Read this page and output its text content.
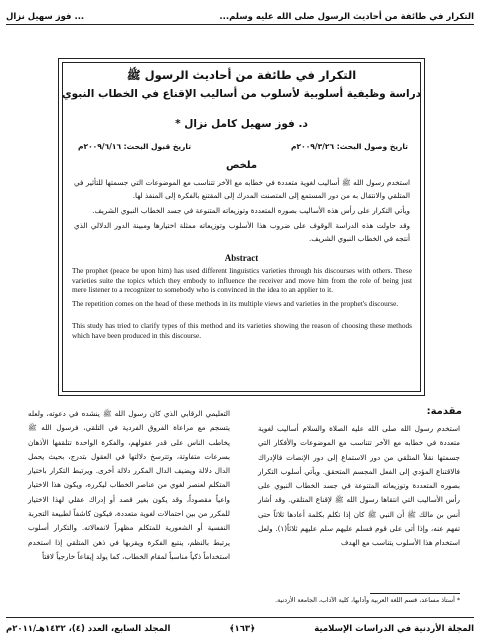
... فوز سهيل نزال	التكرار في طائفة من أحاديث الرسول صلى الله عليه وسلم...
التكرار في طائفة من أحاديث الرسول ﷺ
دراسة وظيفية أسلوبية لأسلوب من أساليب الإقناع في الخطاب النبوي
د. فوز سهيل كامل نزال *
تاريخ وصول البحث: ٢٠٠٩/٣/٢٦م
تاريخ قبول البحث: ٢٠٠٩/٦/١٦م
ملخص
استخدم رسول الله ﷺ أساليب لغوية متعددة في خطابه مع الآخر تتناسب مع الموضوعات التي جسمتها للتأثير في المتلقي والانتقال به من دور المستمع إلى المتصنت المدرك إلى المقتنع بالفكرة إلى المنفذ لها.
ويأتي التكرار على رأس هذه الأساليب بصوره المتعددة وتوزيعاته المتنوعة في جسد الخطاب النبوي الشريف.
وقد حاولت هذه الدراسة الوقوف على ضروب هذا الأسلوب وتوزيعاته ممثلة اختيارها ومبينة الدور الدلالي الذي أنتجه في الخطاب النبوي الشريف.
Abstract
The prophet (peace be upon him) has used different linguistics varieties through his discourses with others. These varieties suite the topics which they embody to influence the receiver and move him from the role of being just mere listener to a recognizer to somebody who is convinced in the idea to an applier to it.
The repetition comes on the head of these methods in its multiple views and varieties in the prophet's discourse.
This study has tried to clarify types of this method and its varieties showing the reason of choosing these methods which have been produced in this discourse.
مقدمة:
استخدم رسول الله صلى الله عليه الصلاة والسلام أساليب لغوية متعددة في خطابه مع الآخر تتناسب مع الموضوعات والأفكار التي جسمتها نقلاً المتلقي من دور الاستماع إلى دور الإنصات فالإدراك فالاقتناع المؤدي إلى الفعل المجسم المتحقق. ويأتي أسلوب التكرار بصوره المتعددة وتوزيعاته المتنوعة في جسد الخطاب النبوي على رأس الأساليب التي انتقاها رسول الله ﷺ لإقناع المتلقي. وقد أشار أنس بن مالك ﷺ أن النبي ﷺ كان إذا تكلم بكلمة أعادها ثلاثاً حتى تفهم عنه، وإذا أتى على قوم فسلم عليهم سلم عليهم ثلاثاً(١). ولعل استخدام هذا الأسلوب يتناسب مع الهدف
التعليمي الرقابي الذي كان رسول الله ﷺ ينشده في دعوته، ولعله يتسجم مع مراعاة الفروق الفردية في التلقي، فرسول الله ﷺ يخاطب الناس على قدر عقولهم، والفكرة الواحدة تتلقفها الأذهان بسرعات متفاوتة، وتترسخ دلالتها في العقول بتدرج، بحيث يحمل الدال دلالة ويضيف الدال المكرر دلالة أخرى. ويرتبط التكرار باختيار المتكلم لعنصر لغوي من عناصر الخطاب ليكرره، ويكون هذا الاختيار واعياً مقصوداً، وقد يكون بغير قصد أو إدراك عقلي لهذا الاختيار للمكرر من بين احتمالات لغوية متعددة، فيكون كاشفاً لطبيعة التجربة النفسية أو الشعورية للمتكلم مظهراً لانفعالاته. والتكرار أسلوب يرتبط بالنظم، ينتبع الفكرة ويقربها في ذهن المتلقي إذا استخدم استخداماً ذكياً مناسباً لمقام الخطاب، كما يولد إيقاعاً خارجياً لافتاً
* أستاذ مساعد، قسم اللغة العربية وآدابها، كلية الآداب، الجامعة الأردنية.
المجلد السابع، العدد (٤)، ١٤٣٢هـ/٢٠١١م	﴿١٦٣﴾	المجلة الأردنية في الدراسات الإسلامية
